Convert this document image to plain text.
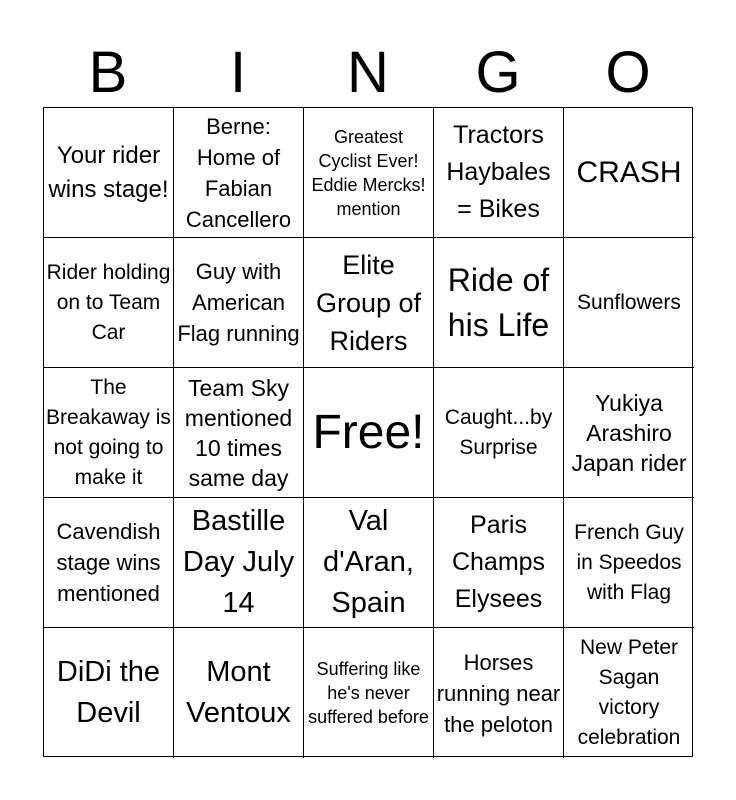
B	I	N	G	O
Your rider wins stage!
Berne: Home of Fabian Cancellero
Greatest Cyclist Ever! Eddie Mercks! mention
Tractors Haybales = Bikes
CRASH
Rider holding on to Team Car
Guy with American Flag running
Elite Group of Riders
Ride of his Life
Sunflowers
The Breakaway is not going to make it
Team Sky mentioned 10 times same day
Free! Caught...by Surprise
Yukiya Arashiro Japan rider
Cavendish stage wins mentioned
Bastille Day July 14
Val d'Aran, Spain
Paris Champs Elysees
French Guy in Speedos with Flag
DiDi the Devil
Mont Ventoux
Suffering like he's never suffered before
Horses running near the peloton
New Peter Sagan victory celebration
